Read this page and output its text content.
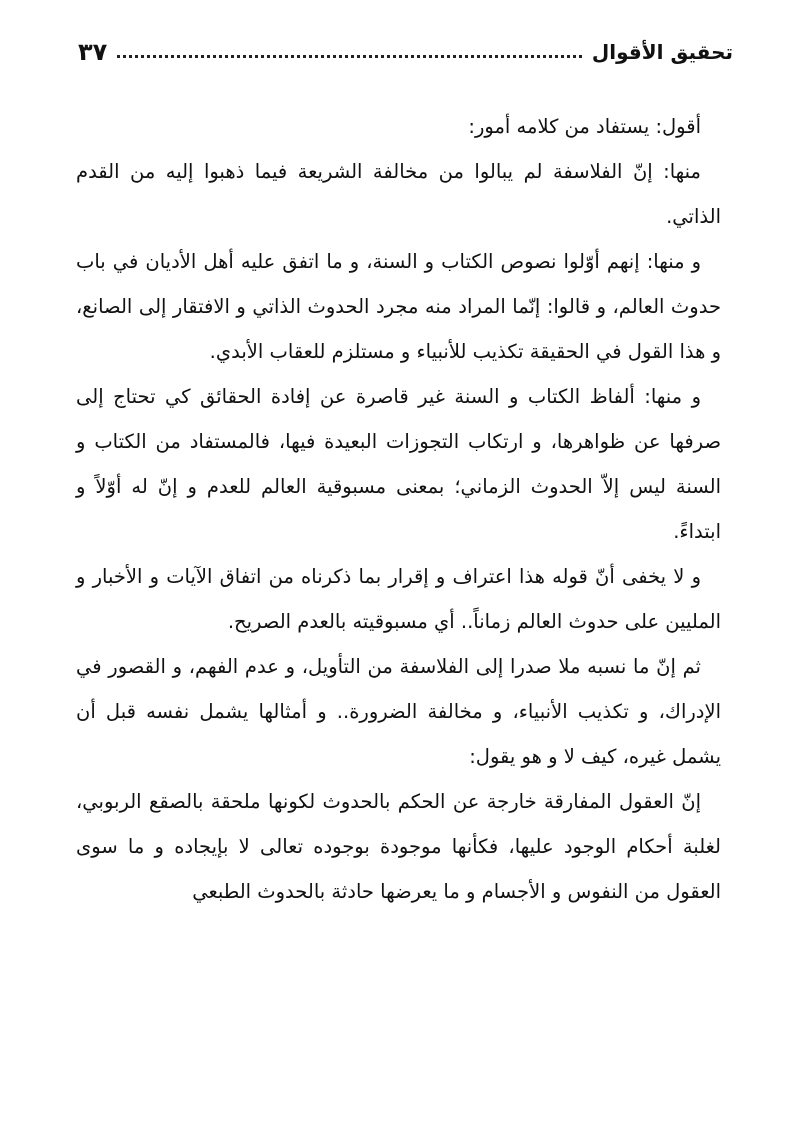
تحقيق الأقوال
٣٧

أقول: يستفاد من كلامه أمور:

منها: إنّ الفلاسفة لم يبالوا من مخالفة الشريعة فيما ذهبوا إليه من القدم الذاتي.

و منها: إنهم أوّلوا نصوص الكتاب و السنة، و ما اتفق عليه أهل الأديان في باب حدوث العالم، و قالوا: إنّما المراد منه مجرد الحدوث الذاتي و الافتقار إلى الصانع، و هذا القول في الحقيقة تكذيب للأنبياء و مستلزم للعقاب الأبدي.

و منها: ألفاظ الكتاب و السنة غير قاصرة عن إفادة الحقائق كي تحتاج إلى صرفها عن ظواهرها، و ارتكاب التجوزات البعيدة فيها، فالمستفاد من الكتاب و السنة ليس إلاّ الحدوث الزماني؛ بمعنى مسبوقية العالم للعدم و إنّ له أوّلاً و ابتداءً.

و لا يخفى أنّ قوله هذا اعتراف و إقرار بما ذكرناه من اتفاق الآيات و الأخبار و المليين على حدوث العالم زماناً.. أي مسبوقيته بالعدم الصريح.

ثم إنّ ما نسبه ملا صدرا إلى الفلاسفة من التأويل، و عدم الفهم، و القصور في الإدراك، و تكذيب الأنبياء، و مخالفة الضرورة.. و أمثالها يشمل نفسه قبل أن يشمل غيره، كيف لا و هو يقول:

إنّ العقول المفارقة خارجة عن الحكم بالحدوث لكونها ملحقة بالصقع الربوبي، لغلبة أحكام الوجود عليها، فكأنها موجودة بوجوده تعالى لا بإيجاده و ما سوى العقول من النفوس و الأجسام و ما يعرضها حادثة بالحدوث الطبعي
